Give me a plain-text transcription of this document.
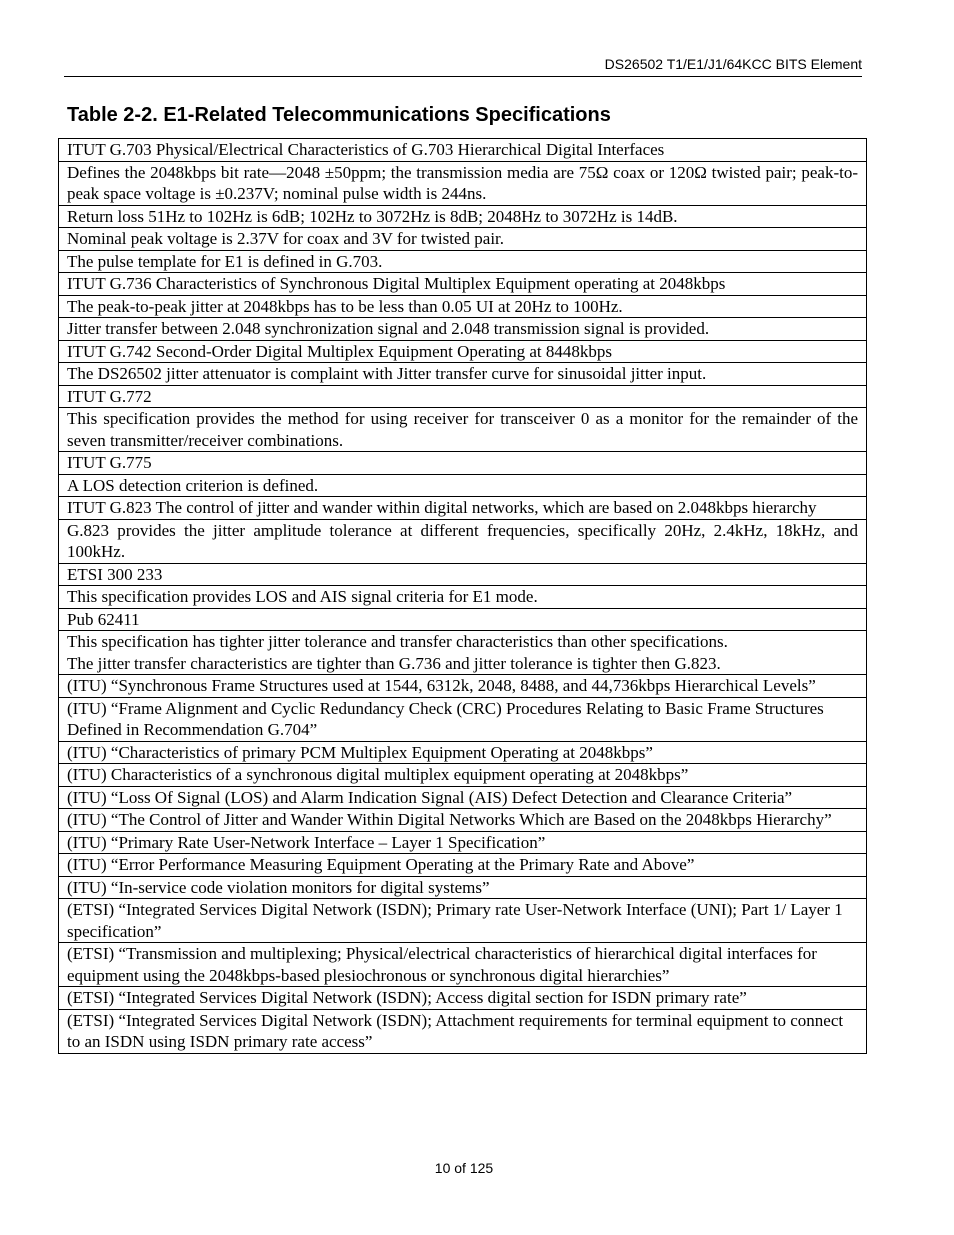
DS26502 T1/E1/J1/64KCC BITS Element
Table 2-2. E1-Related Telecommunications Specifications
ITUT G.703 Physical/Electrical Characteristics of G.703 Hierarchical Digital Interfaces
Defines the 2048kbps bit rate—2048 ±50ppm; the transmission media are 75Ω coax or 120Ω twisted pair; peak-to-peak space voltage is ±0.237V; nominal pulse width is 244ns.
Return loss 51Hz to 102Hz is 6dB; 102Hz to 3072Hz is 8dB; 2048Hz to 3072Hz is 14dB.
Nominal peak voltage is 2.37V for coax and 3V for twisted pair.
The pulse template for E1 is defined in G.703.
ITUT G.736 Characteristics of Synchronous Digital Multiplex Equipment operating at 2048kbps
The peak-to-peak jitter at 2048kbps has to be less than 0.05 UI at 20Hz to 100Hz.
Jitter transfer between 2.048 synchronization signal and 2.048 transmission signal is provided.
ITUT G.742 Second-Order Digital Multiplex Equipment Operating at 8448kbps
The DS26502 jitter attenuator is complaint with Jitter transfer curve for sinusoidal jitter input.
ITUT G.772
This specification provides the method for using receiver for transceiver 0 as a monitor for the remainder of the seven transmitter/receiver combinations.
ITUT G.775
A LOS detection criterion is defined.
ITUT G.823 The control of jitter and wander within digital networks, which are based on 2.048kbps hierarchy
G.823 provides the jitter amplitude tolerance at different frequencies, specifically 20Hz, 2.4kHz, 18kHz, and 100kHz.
ETSI 300 233
This specification provides LOS and AIS signal criteria for E1 mode.
Pub 62411
This specification has tighter jitter tolerance and transfer characteristics than other specifications.
The jitter transfer characteristics are tighter than G.736 and jitter tolerance is tighter then G.823.
(ITU) “Synchronous Frame Structures used at 1544, 6312k, 2048, 8488, and 44,736kbps Hierarchical Levels”
(ITU) “Frame Alignment and Cyclic Redundancy Check (CRC) Procedures Relating to Basic Frame Structures Defined in Recommendation G.704”
(ITU) “Characteristics of primary PCM Multiplex Equipment Operating at 2048kbps”
(ITU) Characteristics of a synchronous digital multiplex equipment operating at 2048kbps”
(ITU) “Loss Of Signal (LOS) and Alarm Indication Signal (AIS) Defect Detection and Clearance Criteria”
(ITU) “The Control of Jitter and Wander Within Digital Networks Which are Based on the 2048kbps Hierarchy”
(ITU) “Primary Rate User-Network Interface – Layer 1 Specification”
(ITU) “Error Performance Measuring Equipment Operating at the Primary Rate and Above”
(ITU) “In-service code violation monitors for digital systems”
(ETSI) “Integrated Services Digital Network (ISDN); Primary rate User-Network Interface (UNI); Part 1/ Layer 1 specification”
(ETSI) “Transmission and multiplexing; Physical/electrical characteristics of hierarchical digital interfaces for equipment using the 2048kbps-based plesiochronous or synchronous digital hierarchies”
(ETSI) “Integrated Services Digital Network (ISDN); Access digital section for ISDN primary rate”
(ETSI) “Integrated Services Digital Network (ISDN); Attachment requirements for terminal equipment to connect to an ISDN using ISDN primary rate access”
10 of 125
